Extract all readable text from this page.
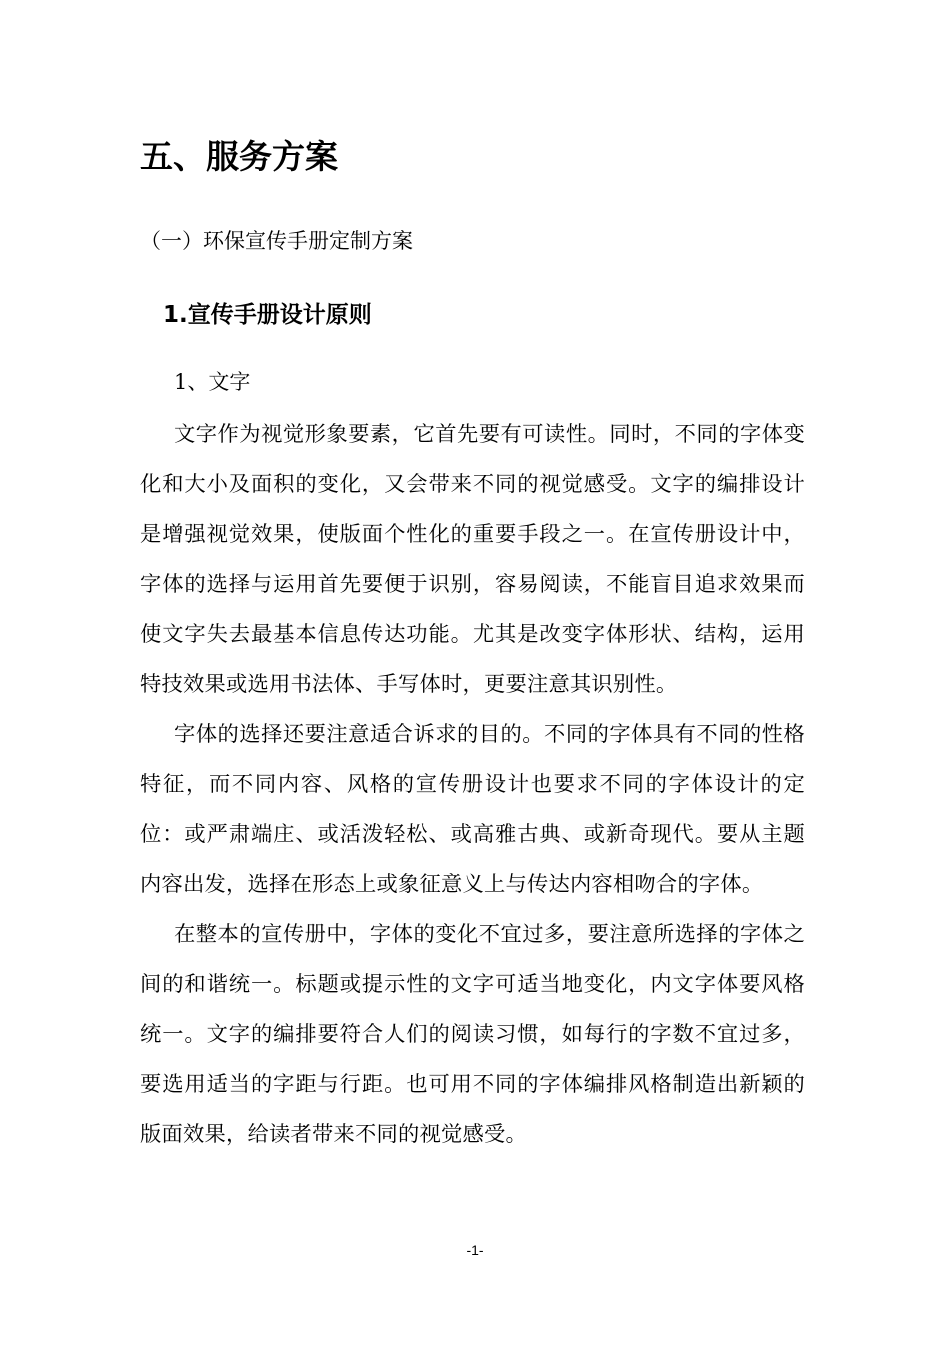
五、服务方案
（一）环保宣传手册定制方案
1.宣传手册设计原则
1、文字

文字作为视觉形象要素，它首先要有可读性。同时，不同的字体变化和大小及面积的变化，又会带来不同的视觉感受。文字的编排设计是增强视觉效果，使版面个性化的重要手段之一。在宣传册设计中，字体的选择与运用首先要便于识别，容易阅读，不能盲目追求效果而使文字失去最基本信息传达功能。尤其是改变字体形状、结构，运用特技效果或选用书法体、手写体时，更要注意其识别性。

字体的选择还要注意适合诉求的目的。不同的字体具有不同的性格特征，而不同内容、风格的宣传册设计也要求不同的字体设计的定位：或严肃端庄、或活泼轻松、或高雅古典、或新奇现代。要从主题内容出发，选择在形态上或象征意义上与传达内容相吻合的字体。

在整本的宣传册中，字体的变化不宜过多，要注意所选择的字体之间的和谐统一。标题或提示性的文字可适当地变化，内文字体要风格统一。文字的编排要符合人们的阅读习惯，如每行的字数不宜过多，要选用适当的字距与行距。也可用不同的字体编排风格制造出新颖的版面效果，给读者带来不同的视觉感受。

-1-
